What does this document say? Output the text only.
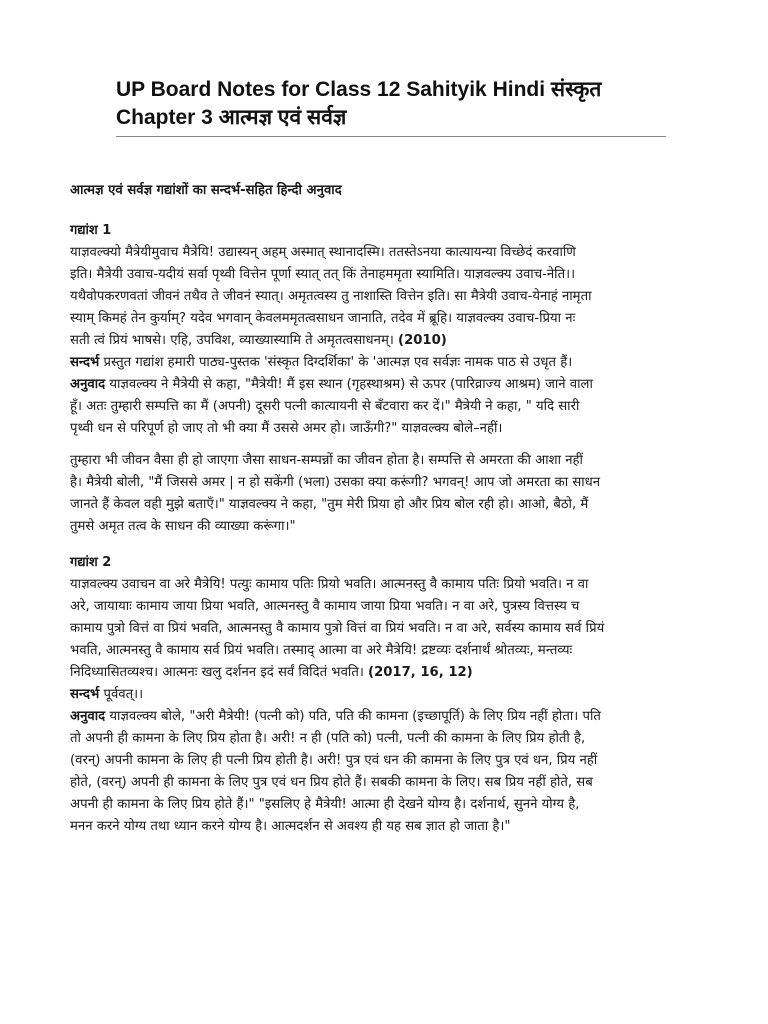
UP Board Notes for Class 12 Sahityik Hindi संस्कृत Chapter 3 आत्मज्ञ एवं सर्वज्ञ

आत्मज्ञ एवं सर्वज्ञ गद्यांशों का सन्दर्भ-सहित हिन्दी अनुवाद

गद्यांश 1

याज्ञवल्क्यो मैत्रेयीमुवाच मैत्रेयि! उद्यास्यन् अहम् अस्मात् स्थानादस्मि। ततस्तेऽनया कात्यायन्या विच्छेदं करवाणि
इति। मैत्रेयी उवाच-यदीयं सर्वा पृथ्वी वित्तेन पूर्णा स्यात् तत् किं तेनाहममृता स्यामिति। याज्ञवल्क्य उवाच-नेति।।
यथैवोपकरणवतां जीवनं तथैव ते जीवनं स्यात्। अमृतत्वस्य तु नाशास्ति वित्तेन इति। सा मैत्रेयी उवाच-येनाहं नामृता
स्याम् किमहं तेन कुर्याम्? यदेव भगवान् केवलममृतत्वसाधन जानाति, तदेव में ब्रूहि। याज्ञवल्क्य उवाच-प्रिया नः
सती त्वं प्रियं भाषसे। एहि, उपविश, व्याख्यास्यामि ते अमृतत्वसाधनम्। (2010)

सन्दर्भ प्रस्तुत गद्यांश हमारी पाठ्य-पुस्तक 'संस्कृत दिग्दर्शिका' के 'आत्मज्ञ एव सर्वज्ञः नामक पाठ से उधृत हैं।

अनुवाद याज्ञवल्क्य ने मैत्रेयी से कहा, "मैत्रेयी! मैं इस स्थान (गृहस्थाश्रम) से ऊपर (पारिव्राज्य आश्रम) जाने वाला
हूँ। अतः तुम्हारी सम्पत्ति का मैं (अपनी) दूसरी पत्नी कात्यायनी से बँटवारा कर दें।" मैत्रेयी ने कहा, " यदि सारी
पृथ्वी धन से परिपूर्ण हो जाए तो भी क्या मैं उससे अमर हो। जाऊँगी?" याज्ञवल्क्य बोले–नहीं।

तुम्हारा भी जीवन वैसा ही हो जाएगा जैसा साधन-सम्पन्नों का जीवन होता है। सम्पत्ति से अमरता की आशा नहीं
है। मैत्रेयी बोली, "मैं जिससे अमर | न हो सकेंगी (भला) उसका क्या करूंगी? भगवन्! आप जो अमरता का साधन
जानते हैं केवल वही मुझे बताएँ।" याज्ञवल्क्य ने कहा, "तुम मेरी प्रिया हो और प्रिय बोल रही हो। आओ, बैठो, मैं
तुमसे अमृत तत्व के साधन की व्याख्या करूंगा।"

गद्यांश 2

याज्ञवल्क्य उवाचन वा अरे मैत्रेयि! पत्युः कामाय पतिः प्रियो भवति। आत्मनस्तु वै कामाय पतिः प्रियो भवति। न वा
अरे, जायायाः कामाय जाया प्रिया भवति, आत्मनस्तु वै कामाय जाया प्रिया भवति। न वा अरे, पुत्रस्य वित्तस्य च
कामाय पुत्रो वित्तं वा प्रियं भवति, आत्मनस्तु वै कामाय पुत्रो वित्तं वा प्रियं भवति। न वा अरे, सर्वस्य कामाय सर्व प्रियं
भवति, आत्मनस्तु वै कामाय सर्व प्रियं भवति। तस्माद् आत्मा वा अरे मैत्रेयि! द्रष्टव्यः दर्शनार्थं श्रोतव्यः, मन्तव्यः
निदिध्यासितव्यश्च। आत्मनः खलु दर्शनन इदं सर्वं विदितं भवति। (2017, 16, 12)

सन्दर्भ पूर्ववत्।।

अनुवाद याज्ञवल्क्य बोले, "अरी मैत्रेयी! (पत्नी को) पति, पति की कामना (इच्छापूर्ति) के लिए प्रिय नहीं होता। पति
तो अपनी ही कामना के लिए प्रिय होता है। अरी! न ही (पति को) पत्नी, पत्नी की कामना के लिए प्रिय होती है,
(वरन्) अपनी कामना के लिए ही पत्नी प्रिय होती है। अरी! पुत्र एवं धन की कामना के लिए पुत्र एवं धन, प्रिय नहीं
होते, (वरन्) अपनी ही कामना के लिए पुत्र एवं धन प्रिय होते हैं। सबकी कामना के लिए। सब प्रिय नहीं होते, सब
अपनी ही कामना के लिए प्रिय होते हैं।" "इसलिए हे मैत्रेयी! आत्मा ही देखने योग्य है। दर्शनार्थ, सुनने योग्य है,
मनन करने योग्य तथा ध्यान करने योग्य है। आत्मदर्शन से अवश्य ही यह सब ज्ञात हो जाता है।"
